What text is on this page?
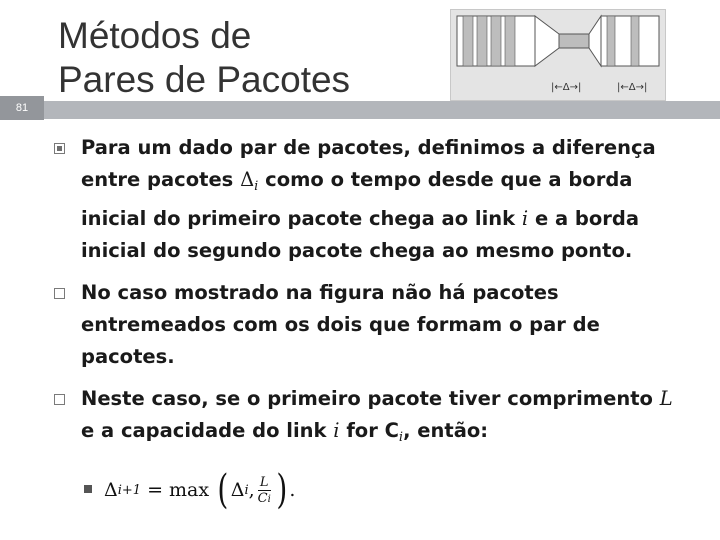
Métodos de
Pares de Pacotes	|←Δ→|	|←Δ→|
81
Para um dado par de pacotes, definimos a diferença entre pacotes $\Delta_i$ como o tempo desde que a borda inicial do primeiro pacote chega ao link i e a borda inicial do segundo pacote chega ao mesmo ponto.
No caso mostrado na figura não há pacotes entremeados com os dois que formam o par de pacotes.
Neste caso, se o primeiro pacote tiver comprimento L e a capacidade do link i for $C_i$, então:
Δ i+1 = max ( Δ i , $\frac{L}{Ci}$ ) .
